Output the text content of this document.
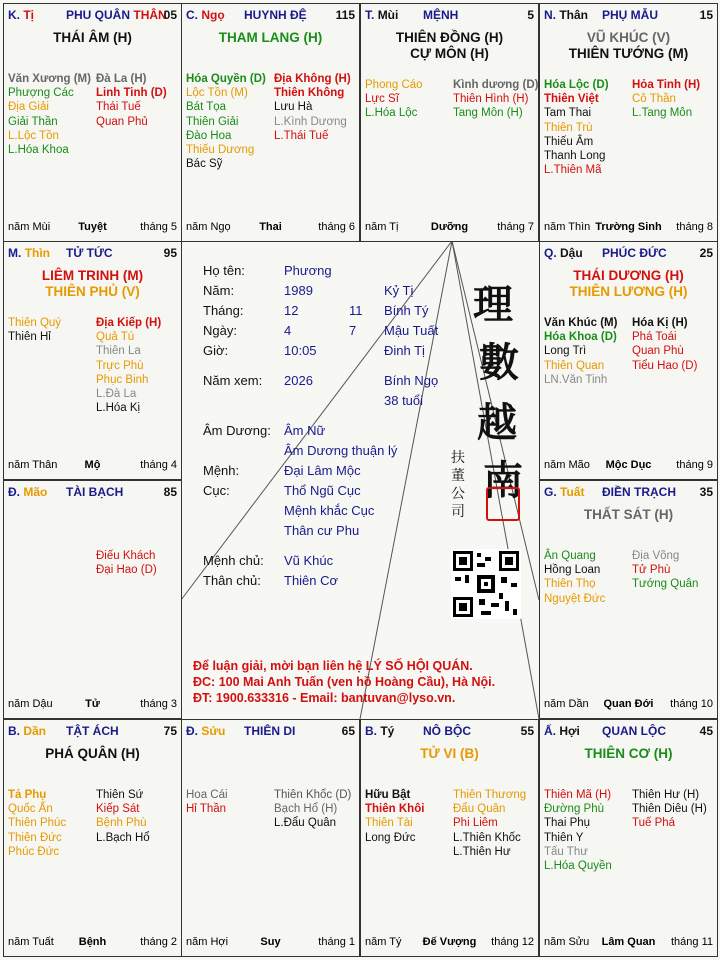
Họ tên:	Phương
Năm:	1989	Kỷ Tị
Tháng:	12	11 Bính Tý
Ngày:	4	7 Mậu Tuất
Giờ:	10:05	Đinh Tị
Năm xem: 2026	Bính Ngọ
38 tuổi
Âm Dương: Âm Nữ
Âm Dương thuận lý
Mệnh:	Đại Lâm Mộc
Cục:	Thổ Ngũ Cục
Mệnh khắc Cục
Thân cư Phu
Mệnh chủ: Vũ Khúc
Thân chủ: Thiên Cơ
理
數
越
南
扶
董
公
司
Để luận giải, mời bạn liên hệ LÝ SỐ HỘI QUÁN.
ĐC: 100 Mai Anh Tuấn (ven hồ Hoàng Cầu), Hà Nội.
ĐT: 1900.633316 - Email: bantuvan@lyso.vn.
K. Tị	PHU QUÂN THÂN
05
THÁI ÂM (H)
Văn Xương (M)
Phượng Các
Địa Giải
Giải Thần
L.Lộc Tồn
L.Hóa Khoa
Đà La (H)
Linh Tinh (D)
Thái Tuế
Quan Phủ
năm Mùi	Tuyệt	tháng 5
C. Ngọ HUYNH ĐỆ 115
THAM LANG (H)
Hóa Quyền (D)
Lộc Tồn (M)
Bát Tọa
Thiên Giải
Đào Hoa
Thiếu Dương
Bác Sỹ
Địa Không (H)
Thiên Không
Lưu Hà
L.Kình Dương
L.Thái Tuế
năm Ngọ	Thai	tháng 6
T. Mùi MỆNH	5
THIÊN ĐỒNG (H)
CỰ MÔN (H)
Phong Cáo
Lực Sĩ
L.Hóa Lộc
Kình dương (D)
Thiên Hình (H)
Tang Môn (H)
năm Tị	Dưỡng	tháng 7
N. Thân PHỤ MẪU	15
VŨ KHÚC (V)
THIÊN TƯỚNG (M)
Hóa Lộc (D)
Thiên Việt
Tam Thai
Thiên Trù
Thiếu Âm
Thanh Long
L.Thiên Mã
Hỏa Tinh (H)
Cô Thần
L.Tang Môn
năm Thìn Trường Sinh	tháng 8
Q. Dậu PHÚC ĐỨC	25
THÁI DƯƠNG (H)
THIÊN LƯƠNG (H)
Văn Khúc (M)
Hóa Khoa (D)
Long Trì
Thiên Quan
LN.Văn Tinh
Hóa Kị (H)
Phá Toái
Quan Phù
Tiểu Hao (D)
năm Mão	Mộc Dục	tháng 9
G. Tuất ĐIỀN TRẠCH 35
THẤT SÁT (H)
Ân Quang
Hồng Loan
Thiên Thọ
Nguyệt Đức
Địa Võng
Tử Phù
Tướng Quân
năm Dần	Quan Đới	tháng 10
Ấ. Hợi QUAN LỘC	45
THIÊN CƠ (H)
Thiên Mã (H)
Đường Phù
Thai Phụ
Thiên Y
Tấu Thư
L.Hóa Quyền
Thiên Hư (H)
Thiên Diêu (H)
Tuế Phá
năm Sửu	Lâm Quan	tháng 11
B. Tý NÔ BỘC	55
TỬ VI (B)
Hữu Bật
Thiên Khôi
Thiên Tài
Long Đức
Thiên Thương
Đẩu Quân
Phi Liêm
L.Thiên Khốc
L.Thiên Hư
năm Tý	Đế Vượng	tháng 12
Đ. Sửu THIÊN DI	65
Hoa Cái
Hỉ Thần
Thiên Khốc (D)
Bạch Hổ (H)
L.Đẩu Quân
năm Hợi	Suy	tháng 1
B. Dần TẬT ÁCH	75
PHÁ QUÂN (H)
Tả Phụ
Quốc Ấn
Thiên Phúc
Thiên Đức
Phúc Đức
Thiên Sứ
Kiếp Sát
Bệnh Phù
L.Bạch Hổ
năm Tuất	Bệnh	tháng 2
Đ. Mão TÀI BẠCH	85
Điếu Khách
Đại Hao (D)
năm Dậu	Tử	tháng 3
M. Thìn TỬ TỨC	95
LIÊM TRINH (M)
THIÊN PHỦ (V)
Thiên Quý
Thiên Hỉ
Địa Kiếp (H)
Quả Tú
Thiên La
Trực Phù
Phục Binh
L.Đà La
L.Hóa Kị
năm Thân	Mộ	tháng 4
